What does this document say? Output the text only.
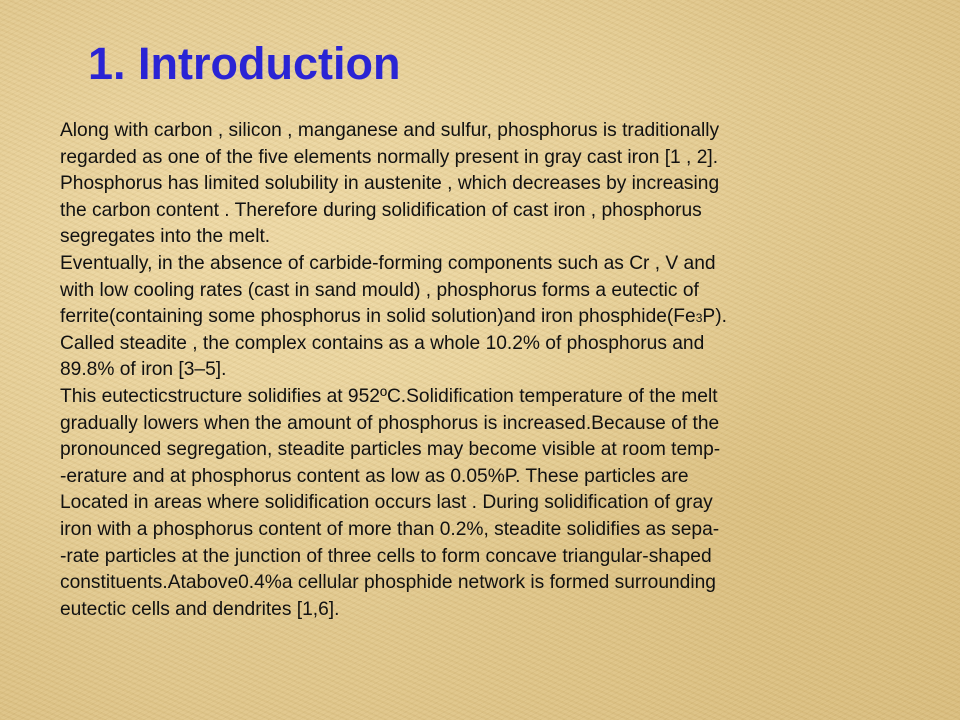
1. Introduction
Along with carbon , silicon , manganese and sulfur, phosphorus is traditionally
regarded as one of the five elements normally present in gray cast iron [1 , 2].
Phosphorus has limited solubility in austenite , which decreases by increasing
the carbon content . Therefore during solidification of cast iron , phosphorus
segregates into the melt.
Eventually, in the absence of carbide-forming components such as Cr , V and
with low cooling rates (cast in sand mould) , phosphorus forms a eutectic of
ferrite(containing some phosphorus in solid solution)and iron phosphide(Fe3P).
Called steadite , the complex contains as a whole 10.2% of phosphorus and
89.8% of iron [3–5].
This eutecticstructure solidifies at 952ºC.Solidification temperature of the melt
gradually lowers when the amount of phosphorus is increased.Because of the
pronounced segregation, steadite particles may become visible at room temp-
-erature and at phosphorus content as low as 0.05%P. These particles are
Located in areas where solidification occurs last . During solidification of gray
iron with a phosphorus content of more than 0.2%, steadite solidifies as sepa-
-rate particles at the junction of three cells to form concave triangular-shaped
constituents.Atabove0.4%a cellular phosphide network is formed surrounding
eutectic cells and dendrites [1,6].
